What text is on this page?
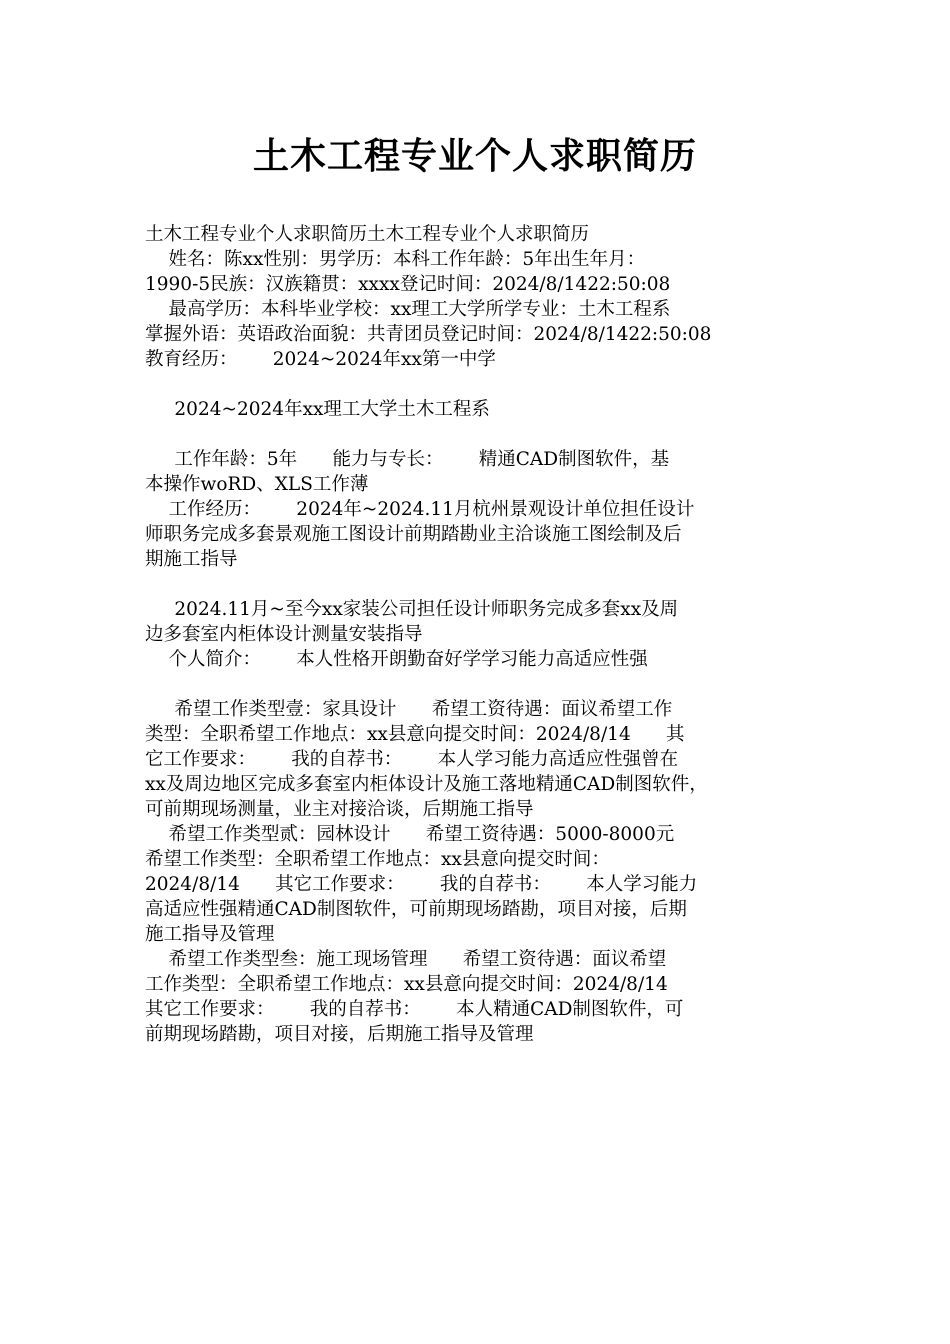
土木工程专业个人求职简历
土木工程专业个人求职简历土木工程专业个人求职简历
姓名：陈xx性别：男学历：本科工作年龄：5年出生年月：
1990-5民族：汉族籍贯：xxxx登记时间：2024/8/1422:50:08
最高学历：本科毕业学校：xx理工大学所学专业：土木工程系
掌握外语：英语政治面貌：共青团员登记时间：2024/8/1422:50:08
教育经历：      2024~2024年xx第一中学
2024~2024年xx理工大学土木工程系
工作年龄：5年      能力与专长：      精通CAD制图软件，基
本操作woRD、XLS工作薄
工作经历：      2024年~2024.11月杭州景观设计单位担任设计
师职务完成多套景观施工图设计前期踏勘业主洽谈施工图绘制及后
期施工指导
2024.11月~至今xx家装公司担任设计师职务完成多套xx及周
边多套室内柜体设计测量安装指导
个人简介：      本人性格开朗勤奋好学学习能力高适应性强
希望工作类型壹：家具设计      希望工资待遇：面议希望工作
类型：全职希望工作地点：xx县意向提交时间：2024/8/14      其
它工作要求：      我的自荐书：      本人学习能力高适应性强曾在
xx及周边地区完成多套室内柜体设计及施工落地精通CAD制图软件，
可前期现场测量，业主对接洽谈，后期施工指导
希望工作类型贰：园林设计      希望工资待遇：5000-8000元
希望工作类型：全职希望工作地点：xx县意向提交时间：
2024/8/14      其它工作要求：      我的自荐书：      本人学习能力
高适应性强精通CAD制图软件，可前期现场踏勘，项目对接，后期
施工指导及管理
希望工作类型叁：施工现场管理      希望工资待遇：面议希望
工作类型：全职希望工作地点：xx县意向提交时间：2024/8/14
其它工作要求：      我的自荐书：      本人精通CAD制图软件，可
前期现场踏勘，项目对接，后期施工指导及管理
